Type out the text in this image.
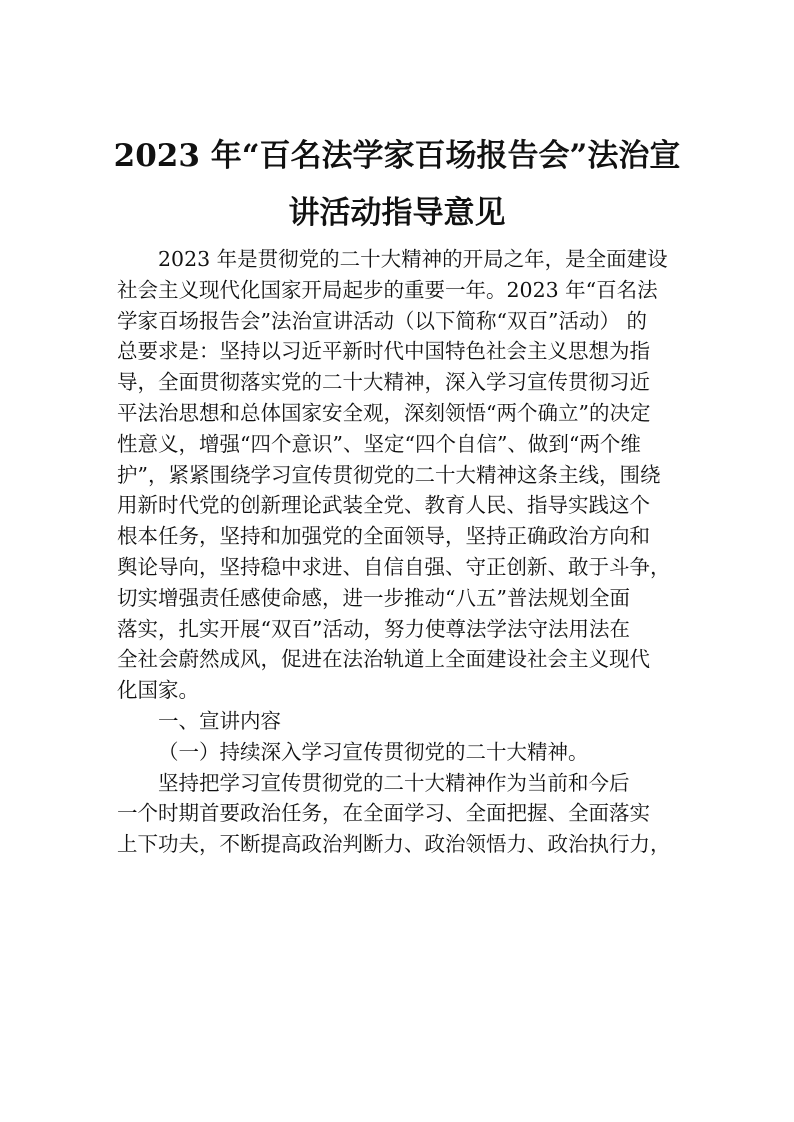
2023 年“百名法学家百场报告会”法治宣
讲活动指导意见
2023 年是贯彻党的二十大精神的开局之年，是全面建设
社会主义现代化国家开局起步的重要一年。2023 年“百名法
学家百场报告会”法治宣讲活动（以下简称“双百”活动） 的
总要求是：坚持以习近平新时代中国特色社会主义思想为指
导，全面贯彻落实党的二十大精神，深入学习宣传贯彻习近
平法治思想和总体国家安全观，深刻领悟“两个确立”的决定
性意义，增强“四个意识”、坚定“四个自信”、做到“两个维
护”，紧紧围绕学习宣传贯彻党的二十大精神这条主线，围绕
用新时代党的创新理论武装全党、教育人民、指导实践这个
根本任务，坚持和加强党的全面领导，坚持正确政治方向和
舆论导向，坚持稳中求进、自信自强、守正创新、敢于斗争，
切实增强责任感使命感，进一步推动“八五”普法规划全面
落实，扎实开展“双百”活动，努力使尊法学法守法用法在
全社会蔚然成风，促进在法治轨道上全面建设社会主义现代
化国家。
一、宣讲内容
（一）持续深入学习宣传贯彻党的二十大精神。
坚持把学习宣传贯彻党的二十大精神作为当前和今后
一个时期首要政治任务，在全面学习、全面把握、全面落实
上下功夫，不断提高政治判断力、政治领悟力、政治执行力，
